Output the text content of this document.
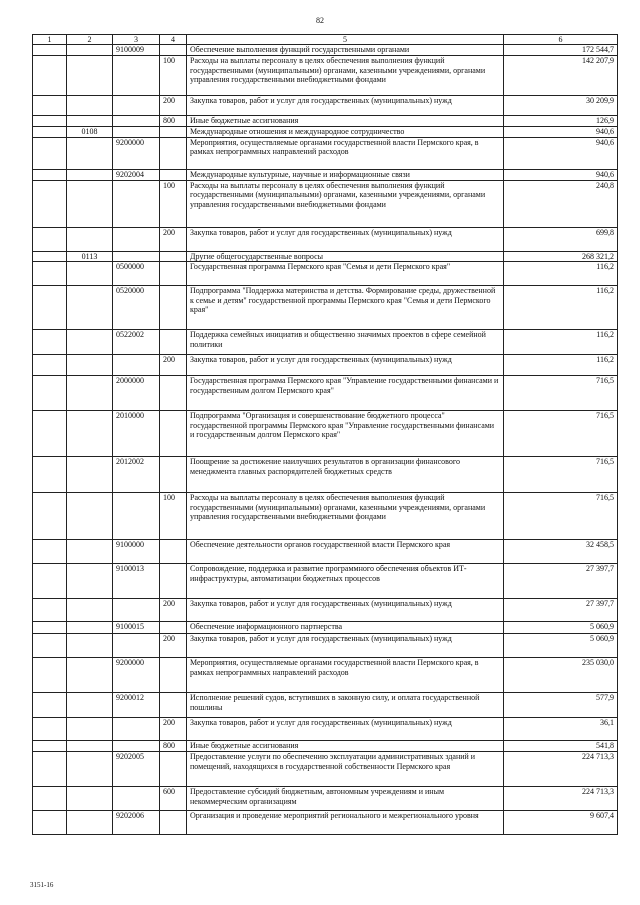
82
1	2	3	4	5	6
		9100009		Обеспечение выполнения функций государственными органами	172 544,7
			100	Расходы на выплаты персоналу в целях обеспечения выполнения функций государственными (муниципальными) органами, казенными учреждениями, органами управления государственными внебюджетными фондами	142 207,9
			200	Закупка товаров, работ и услуг для государственных (муниципальных) нужд	30 209,9
			800	Иные бюджетные ассигнования	126,9
	0108			Международные отношения и международное сотрудничество	940,6
		9200000		Мероприятия, осуществляемые органами государственной власти Пермского края, в рамках непрограммных направлений расходов	940,6
		9202004		Международные культурные, научные и информационные связи	940,6
			100	Расходы на выплаты персоналу в целях обеспечения выполнения функций государственными (муниципальными) органами, казенными учреждениями, органами управления государственными внебюджетными фондами	240,8
			200	Закупка товаров, работ и услуг для государственных (муниципальных) нужд	699,8
	0113			Другие общегосударственные вопросы	268 321,2
		0500000		Государственная программа Пермского края "Семья и дети Пермского края"	116,2
		0520000		Подпрограмма "Поддержка материнства и детства. Формирование среды, дружественной к семье и детям" государственной программы Пермского края "Семья и дети Пермского края"	116,2
		0522002		Поддержка семейных инициатив и общественно значимых проектов в сфере семейной политики	116,2
			200	Закупка товаров, работ и услуг для государственных (муниципальных) нужд	116,2
		2000000		Государственная программа Пермского края "Управление государственными финансами и государственным долгом Пермского края"	716,5
		2010000		Подпрограмма "Организация и совершенствование бюджетного процесса" государственной программы Пермского края "Управление государственными финансами и государственным долгом Пермского края"	716,5
		2012002		Поощрение за достижение наилучших результатов в организации финансового менеджмента главных распорядителей бюджетных средств	716,5
			100	Расходы на выплаты персоналу в целях обеспечения выполнения функций государственными (муниципальными) органами, казенными учреждениями, органами управления государственными внебюджетными фондами	716,5
		9100000		Обеспечение деятельности органов государственной власти Пермского края	32 458,5
		9100013		Сопровождение, поддержка и развитие программного обеспечения объектов ИТ-инфраструктуры, автоматизации бюджетных процессов	27 397,7
			200	Закупка товаров, работ и услуг для государственных (муниципальных) нужд	27 397,7
		9100015		Обеспечение информационного партнерства	5 060,9
			200	Закупка товаров, работ и услуг для государственных (муниципальных) нужд	5 060,9
		9200000		Мероприятия, осуществляемые органами государственной власти Пермского края, в рамках непрограммных направлений расходов	235 030,0
		9200012		Исполнение решений судов, вступивших в законную силу, и оплата государственной пошлины	577,9
			200	Закупка товаров, работ и услуг для государственных (муниципальных) нужд	36,1
			800	Иные бюджетные ассигнования	541,8
		9202005		Предоставление услуги по обеспечению эксплуатации административных зданий и помещений, находящихся в государственной собственности Пермского края	224 713,3
			600	Предоставление субсидий бюджетным, автономным учреждениям и иным некоммерческим организациям	224 713,3
		9202006		Организация и проведение мероприятий регионального и межрегионального уровня	9 607,4
3151-16
